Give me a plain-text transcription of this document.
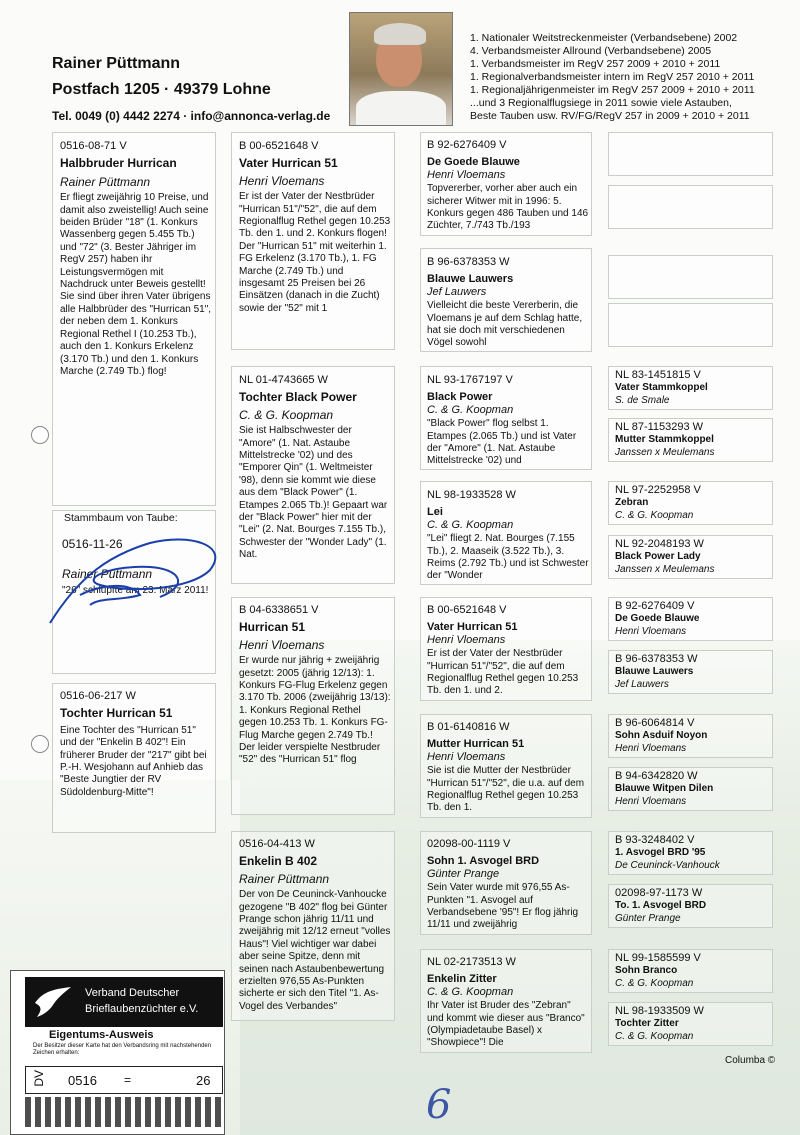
Rainer Püttmann
Postfach 1205 · 49379 Lohne
Tel. 0049 (0) 4442 2274 · info@annonca-verlag.de
1. Nationaler Weitstreckenmeister (Verbandsebene) 2002
4. Verbandsmeister Allround (Verbandsebene) 2005
1. Verbandsmeister im RegV 257 2009 + 2010 + 2011
1. Regionalverbandsmeister intern im RegV 257 2010 + 2011
1. Regionaljährigenmeister im RegV 257 2009 + 2010 + 2011
...und 3 Regionalflugsiege in 2011 sowie viele Astauben,
Beste Tauben usw. RV/FG/RegV 257 in 2009 + 2010 + 2011
0516-08-71 V
Halbbruder Hurrican
Rainer Püttmann
Er fliegt zweijährig 10 Preise, und damit also zweistellig! Auch seine beiden Brüder "18" (1. Konkurs Wassenberg gegen 5.455 Tb.) und "72" (3. Bester Jähriger im RegV 257) haben ihr Leistungsvermögen mit Nachdruck unter Beweis gestellt! Sie sind über ihren Vater übrigens alle Halbbrüder des "Hurrican 51", der neben dem 1. Konkurs Regional Rethel I (10.253 Tb.), auch den 1. Konkurs Erkelenz (3.170 Tb.) und den 1. Konkurs Marche (2.749 Tb.) flog!
Stammbaum von Taube:
0516-11-26
Rainer Püttmann
"26" schlüpfte am 23. März 2011!
0516-06-217 W
Tochter Hurrican 51
Eine Tochter des "Hurrican 51" und der "Enkelin B 402"! Ein früherer Bruder der "217" gibt bei P.-H. Wesjohann auf Anhieb das "Beste Jungtier der RV Südoldenburg-Mitte"!
B 00-6521648 V
Vater Hurrican 51
Henri Vloemans
Er ist der Vater der Nestbrüder "Hurrican 51"/"52", die auf dem Regionalflug Rethel gegen 10.253 Tb. den 1. und 2. Konkurs flogen! Der "Hurrican 51" mit weiterhin 1. FG Erkelenz (3.170 Tb.), 1. FG Marche (2.749 Tb.) und insgesamt 25 Preisen bei 26 Einsätzen (danach in die Zucht) sowie der "52" mit 1
NL 01-4743665 W
Tochter Black Power
C. & G. Koopman
Sie ist Halbschwester der "Amore" (1. Nat. Astaube Mittelstrecke '02) und des "Emporer Qin" (1. Weltmeister '98), denn sie kommt wie diese aus dem "Black Power" (1. Etampes 2.065 Tb.)! Gepaart war der "Black Power" hier mit der "Lei" (2. Nat. Bourges 7.155 Tb.), Schwester der "Wonder Lady" (1. Nat.
B 04-6338651 V
Hurrican 51
Henri Vloemans
Er wurde nur jährig + zweijährig gesetzt: 2005 (jährig 12/13): 1. Konkurs FG-Flug Erkelenz gegen 3.170 Tb. 2006 (zweijährig 13/13): 1. Konkurs Regional Rethel gegen 10.253 Tb. 1. Konkurs FG-Flug Marche gegen 2.749 Tb.! Der leider verspielte Nestbruder "52" des "Hurrican 51" flog
0516-04-413 W
Enkelin B 402
Rainer Püttmann
Der von De Ceuninck-Vanhoucke gezogene "B 402" flog bei Günter Prange schon jährig 11/11 und zweijährig mit 12/12 erneut "volles Haus"! Viel wichtiger war dabei aber seine Spitze, denn mit seinen nach Astaubenbewertung erzielten 976,55 As-Punkten sicherte er sich den Titel "1. As-Vogel des Verbandes"
B 92-6276409 V
De Goede Blauwe
Henri Vloemans
Topvererber, vorher aber auch ein sicherer Witwer mit in 1996: 5. Konkurs gegen 486 Tauben und 146 Züchter, 7./743 Tb./193
B 96-6378353 W
Blauwe Lauwers
Jef Lauwers
Vielleicht die beste Vererberin, die Vloemans je auf dem Schlag hatte, hat sie doch mit verschiedenen Vögel sowohl
NL 93-1767197 V
Black Power
C. & G. Koopman
"Black Power" flog selbst 1. Etampes (2.065 Tb.) und ist Vater der "Amore" (1. Nat. Astaube Mittelstrecke '02) und
NL 98-1933528 W
Lei
C. & G. Koopman
"Lei" fliegt 2. Nat. Bourges (7.155 Tb.), 2. Maaseik (3.522 Tb.), 3. Reims (2.792 Tb.) und ist Schwester der "Wonder
B 00-6521648 V
Vater Hurrican 51
Henri Vloemans
Er ist der Vater der Nestbrüder "Hurrican 51"/"52", die auf dem Regionalflug Rethel gegen 10.253 Tb. den 1. und 2.
B 01-6140816 W
Mutter Hurrican 51
Henri Vloemans
Sie ist die Mutter der Nestbrüder "Hurrican 51"/"52", die u.a. auf dem Regionalflug Rethel gegen 10.253 Tb. den 1.
02098-00-1119 V
Sohn 1. Asvogel BRD
Günter Prange
Sein Vater wurde mit 976,55 As-Punkten "1. Asvogel auf Verbandsebene '95"! Er flog jährig 11/11 und zweijährig
NL 02-2173513 W
Enkelin Zitter
C. & G. Koopman
Ihr Vater ist Bruder des "Zebran" und kommt wie dieser aus "Branco" (Olympiadetaube Basel) x "Showpiece"! Die
NL 83-1451815 V
Vater Stammkoppel
S. de Smale
NL 87-1153293 W
Mutter Stammkoppel
Janssen x Meulemans
NL 97-2252958 V
Zebran
C. & G. Koopman
NL 92-2048193 W
Black Power Lady
Janssen x Meulemans
B 92-6276409 V
De Goede Blauwe
Henri Vloemans
B 96-6378353 W
Blauwe Lauwers
Jef Lauwers
B 96-6064814 V
Sohn Asduif Noyon
Henri Vloemans
B 94-6342820 W
Blauwe Witpen Dilen
Henri Vloemans
B 93-3248402 V
1. Asvogel BRD '95
De Ceuninck-Vanhouck
02098-97-1173 W
To. 1. Asvogel BRD
Günter Prange
NL 99-1585599 V
Sohn Branco
C. & G. Koopman
NL 98-1933509 W
Tochter Zitter
C. & G. Koopman
Verband Deutscher
Brieflaubenzüchter e.V.
Eigentums-Ausweis
Der Besitzer dieser Karte hat den Verbandsring mit nachstehenden Zeichen erhalten:
DV 0516 =	26
Columba ©
6
